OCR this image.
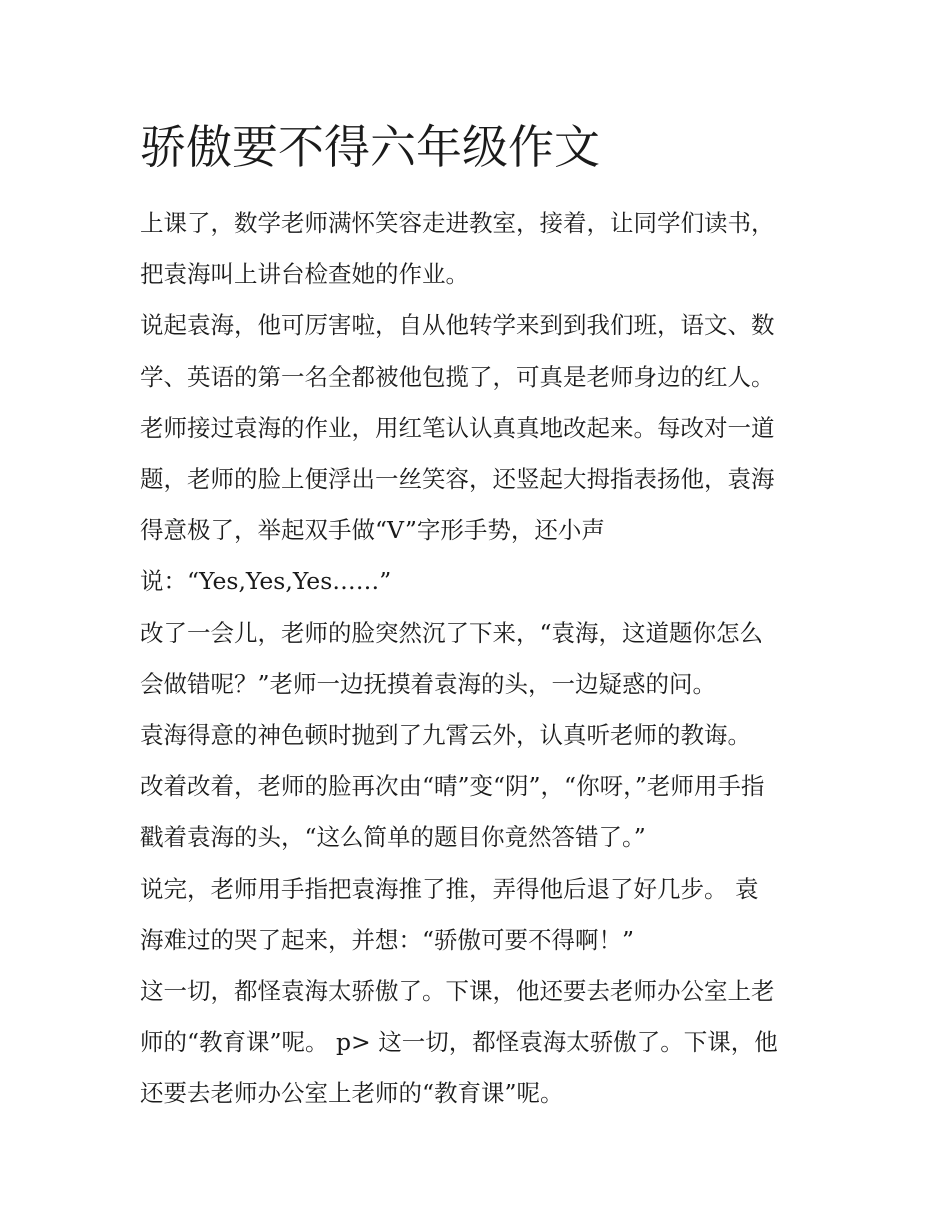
骄傲要不得六年级作文

上课了，数学老师满怀笑容走进教室，接着，让同学们读书，

把袁海叫上讲台检查她的作业。

说起袁海，他可厉害啦，自从他转学来到到我们班，语文、数

学、英语的第一名全都被他包揽了，可真是老师身边的红人。

老师接过袁海的作业，用红笔认认真真地改起来。每改对一道

题，老师的脸上便浮出一丝笑容，还竖起大拇指表扬他，袁海

得意极了，举起双手做“V”字形手势，还小声

说：“Yes,Yes,Yes……”

改了一会儿，老师的脸突然沉了下来，“袁海，这道题你怎么

会做错呢？”老师一边抚摸着袁海的头，一边疑惑的问。

袁海得意的神色顿时抛到了九霄云外，认真听老师的教诲。

改着改着，老师的脸再次由“晴”变“阴”，“你呀，”老师用手指

戳着袁海的头，“这么简单的题目你竟然答错了。”

说完，老师用手指把袁海推了推，弄得他后退了好几步。 袁

海难过的哭了起来，并想：“骄傲可要不得啊！”

这一切，都怪袁海太骄傲了。下课，他还要去老师办公室上老

师的“教育课”呢。 p> 这一切，都怪袁海太骄傲了。下课，他

还要去老师办公室上老师的“教育课”呢。
